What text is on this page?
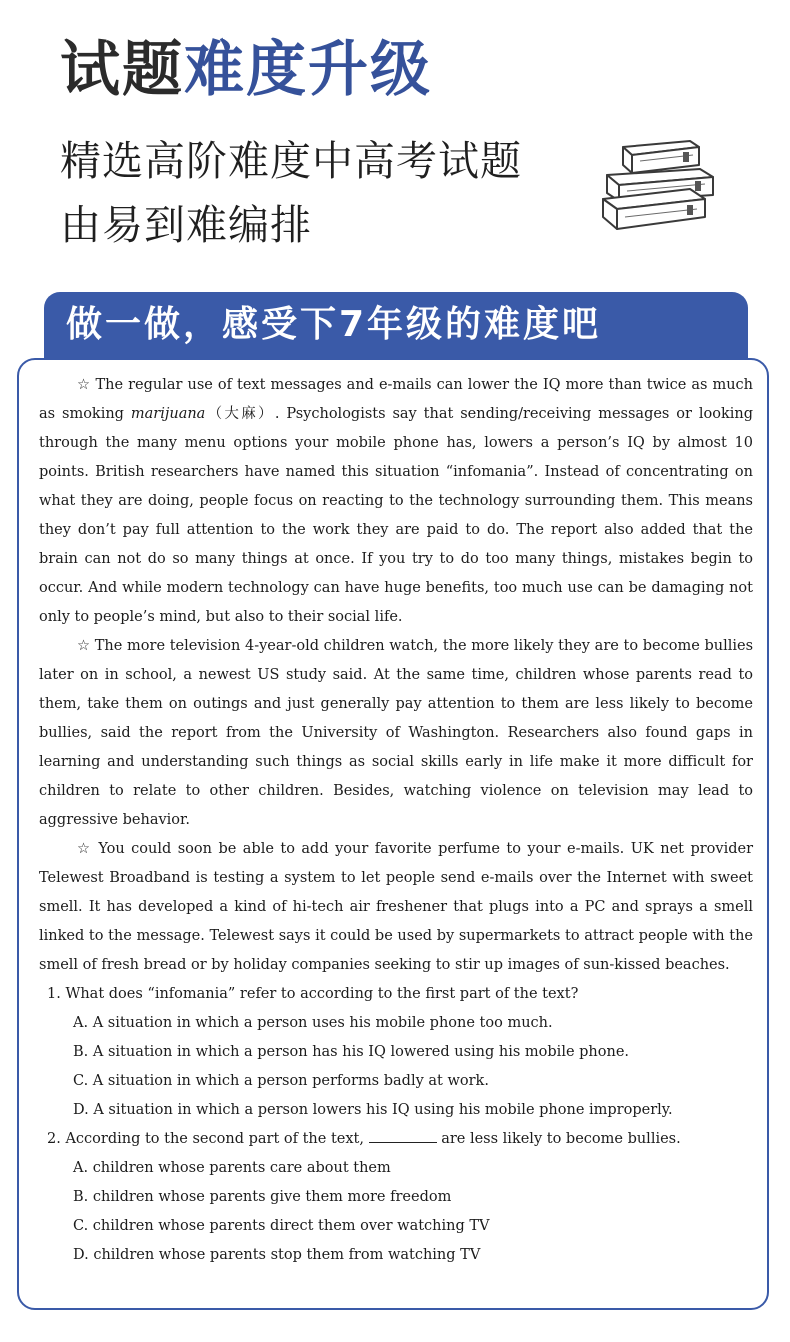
试题难度升级
精选高阶难度中高考试题
由易到难编排
做一做，感受下7年级的难度吧

☆ The regular use of text messages and e-mails can lower the IQ more than twice as much as smoking marijuana（大麻）. Psychologists say that sending/receiving messages or looking through the many menu options your mobile phone has, lowers a person’s IQ by almost 10 points. British researchers have named this situation “infomania”. Instead of concentrating on what they are doing, people focus on reacting to the technology surrounding them. This means they don’t pay full attention to the work they are paid to do. The report also added that the brain can not do so many things at once. If you try to do too many things, mistakes begin to occur. And while modern technology can have huge benefits, too much use can be damaging not only to people’s mind, but also to their social life.

☆ The more television 4-year-old children watch, the more likely they are to become bullies later on in school, a newest US study said. At the same time, children whose parents read to them, take them on outings and just generally pay attention to them are less likely to become bullies, said the report from the University of Washington. Researchers also found gaps in learning and understanding such things as social skills early in life make it more difficult for children to relate to other children. Besides, watching violence on television may lead to aggressive behavior.

☆ You could soon be able to add your favorite perfume to your e-mails. UK net provider Telewest Broadband is testing a system to let people send e-mails over the Internet with sweet smell. It has developed a kind of hi-tech air freshener that plugs into a PC and sprays a smell linked to the message. Telewest says it could be used by supermarkets to attract people with the smell of fresh bread or by holiday companies seeking to stir up images of sun-kissed beaches.

1. What does “infomania” refer to according to the first part of the text?

A. A situation in which a person uses his mobile phone too much.

B. A situation in which a person has his IQ lowered using his mobile phone.

C. A situation in which a person performs badly at work.

D. A situation in which a person lowers his IQ using his mobile phone improperly.

2. According to the second part of the text,	are less likely to become bullies.

A. children whose parents care about them

B. children whose parents give them more freedom

C. children whose parents direct them over watching TV

D. children whose parents stop them from watching TV
